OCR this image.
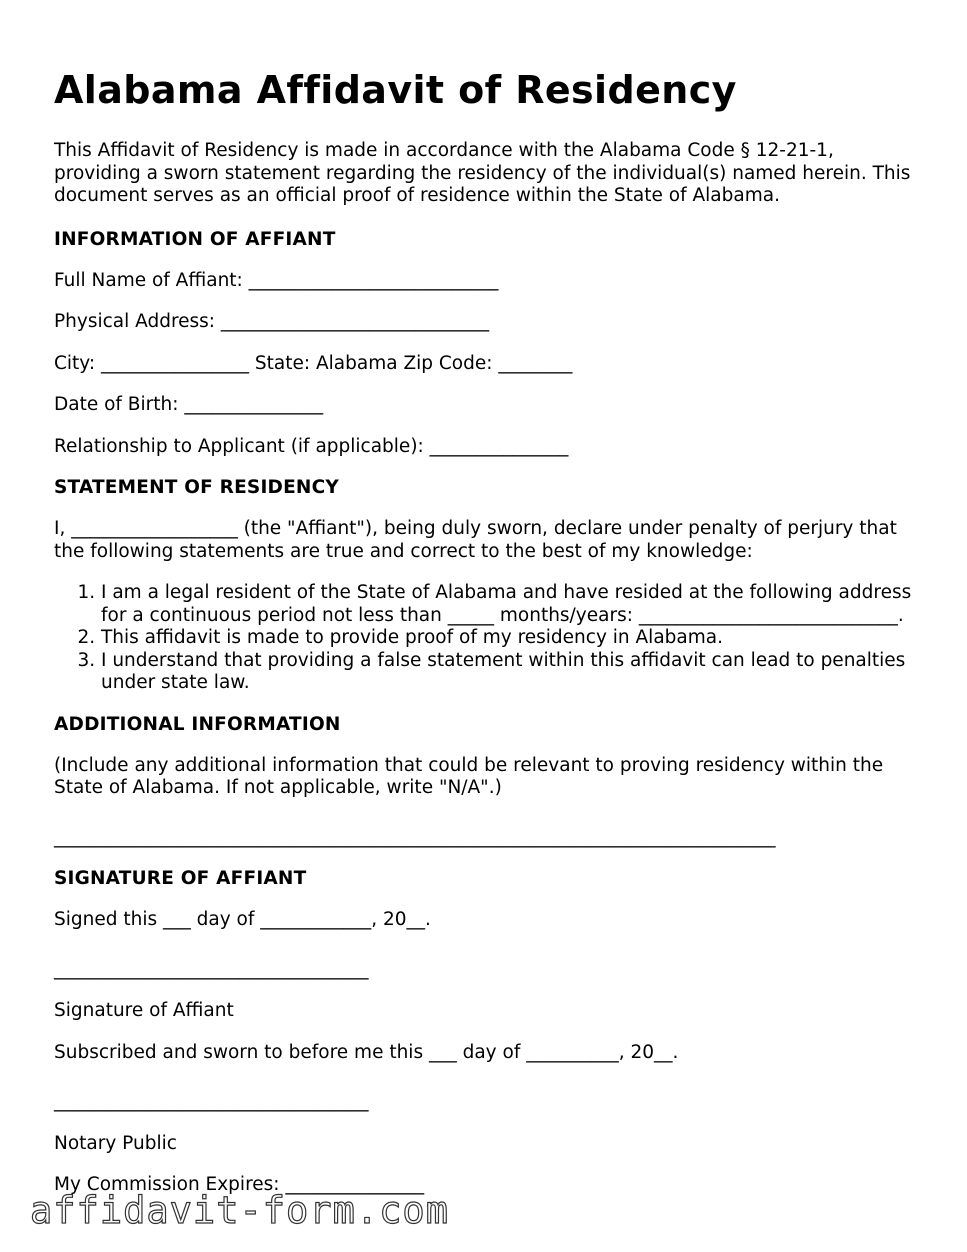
Alabama Affidavit of Residency

This Affidavit of Residency is made in accordance with the Alabama Code § 12-21-1, providing a sworn statement regarding the residency of the individual(s) named herein. This document serves as an official proof of residence within the State of Alabama.

INFORMATION OF AFFIANT

Full Name of Affiant: ___________________________

Physical Address: _____________________________

City: ________________ State: Alabama Zip Code: ________

Date of Birth: _______________

Relationship to Applicant (if applicable): _______________

STATEMENT OF RESIDENCY

I, __________________ (the "Affiant"), being duly sworn, declare under penalty of perjury that the following statements are true and correct to the best of my knowledge:

1. I am a legal resident of the State of Alabama and have resided at the following address for a continuous period not less than _____ months/years: ____________________________.
2. This affidavit is made to provide proof of my residency in Alabama.
3. I understand that providing a false statement within this affidavit can lead to penalties under state law.

ADDITIONAL INFORMATION

(Include any additional information that could be relevant to proving residency within the State of Alabama. If not applicable, write "N/A".)

______________________________________________________________________________

SIGNATURE OF AFFIANT

Signed this ___ day of ____________, 20__.

__________________________________

Signature of Affiant

Subscribed and sworn to before me this ___ day of __________, 20__.

__________________________________

Notary Public

My Commission Expires: _______________

affidavit-form.com
